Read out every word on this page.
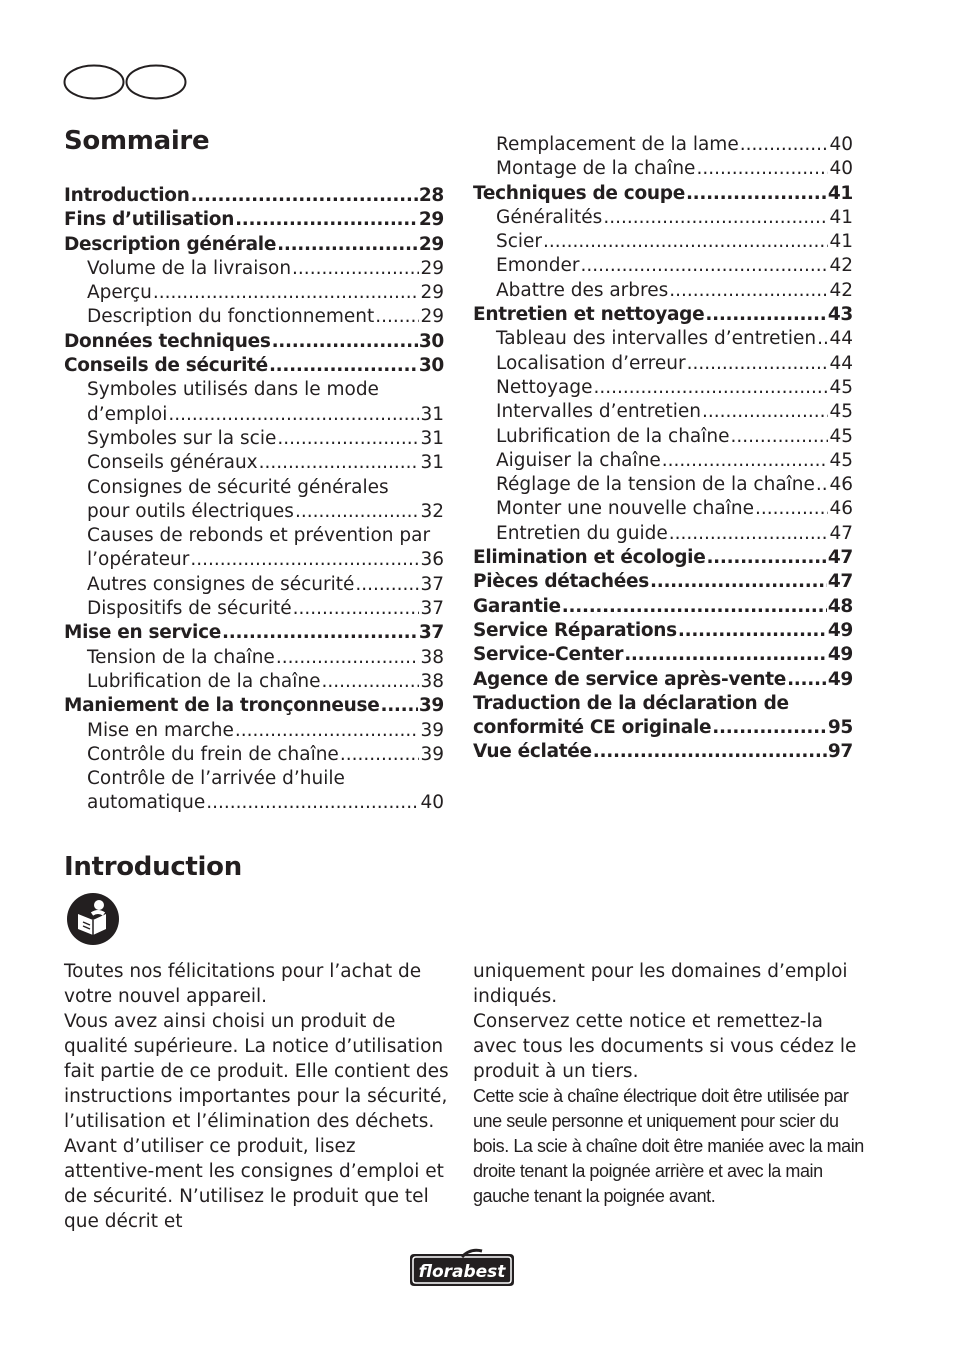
Sommaire
Introduction .....	28
Fins d’utilisation .....	29
Description générale .....	29
Volume de la livraison .....	29
Aperçu .....	29
Description du fonctionnement ..... 29
Données techniques .....	30
Conseils de sécurité .....	30
Symboles utilisés dans le mode
d’emploi .....	31
Symboles sur la scie .....	31
Conseils généraux .....	31
Consignes de sécurité générales
pour outils électriques .....	32
Causes de rebonds et prévention par
l’opérateur .....	36
Autres consignes de sécurité .....	37
Dispositifs de sécurité .....	37
Mise en service .....	37
Tension de la chaîne .....	38
Lubrification de la chaîne .....	38
Maniement de la tronçonneuse ..... 39
Mise en marche .....	39
Contrôle du frein de chaîne .....	39
Contrôle de l’arrivée d’huile
automatique .....	40
Remplacement de la lame .....	40
Montage de la chaîne .....	40
Techniques de coupe .....	41
Généralités .....	41
Scier .....	41
Emonder .....	42
Abattre des arbres .....	42
Entretien et nettoyage .....	43
Tableau des intervalles d’entretien ..... 44
Localisation d’erreur .....	44
Nettoyage .....	45
Intervalles d’entretien .....	45
Lubrification de la chaîne .....	45
Aiguiser la chaîne .....	45
Réglage de la tension de la chaîne ..... 46
Monter une nouvelle chaîne .....	46
Entretien du guide .....	47
Elimination et écologie .....	47
Pièces détachées .....	47
Garantie .....	48
Service Réparations .....	49
Service-Center .....	49
Agence de service après-vente ..... 49
Traduction de la déclaration de
conformité CE originale .....	95
Vue éclatée .....	97
Introduction

Toutes nos félicitations pour l’achat de votre nouvel appareil.

Vous avez ainsi choisi un produit de qualité supérieure. La notice d’utilisation fait partie de ce produit. Elle contient des instructions importantes pour la sécurité, l’utilisation et l’élimination des déchets. Avant d’utiliser ce produit, lisez attentive-ment les consignes d’emploi et de sécurité. N’utilisez le produit que tel que décrit et

uniquement pour les domaines d’emploi indiqués.

Conservez cette notice et remettez-la avec tous les documents si vous cédez le produit à un tiers.

Cette scie à chaîne électrique doit être utilisée par une seule personne et uniquement pour scier du bois. La scie à chaîne doit être maniée avec la main droite tenant la poignée arrière et avec la main gauche tenant la poignée avant.

florabest
